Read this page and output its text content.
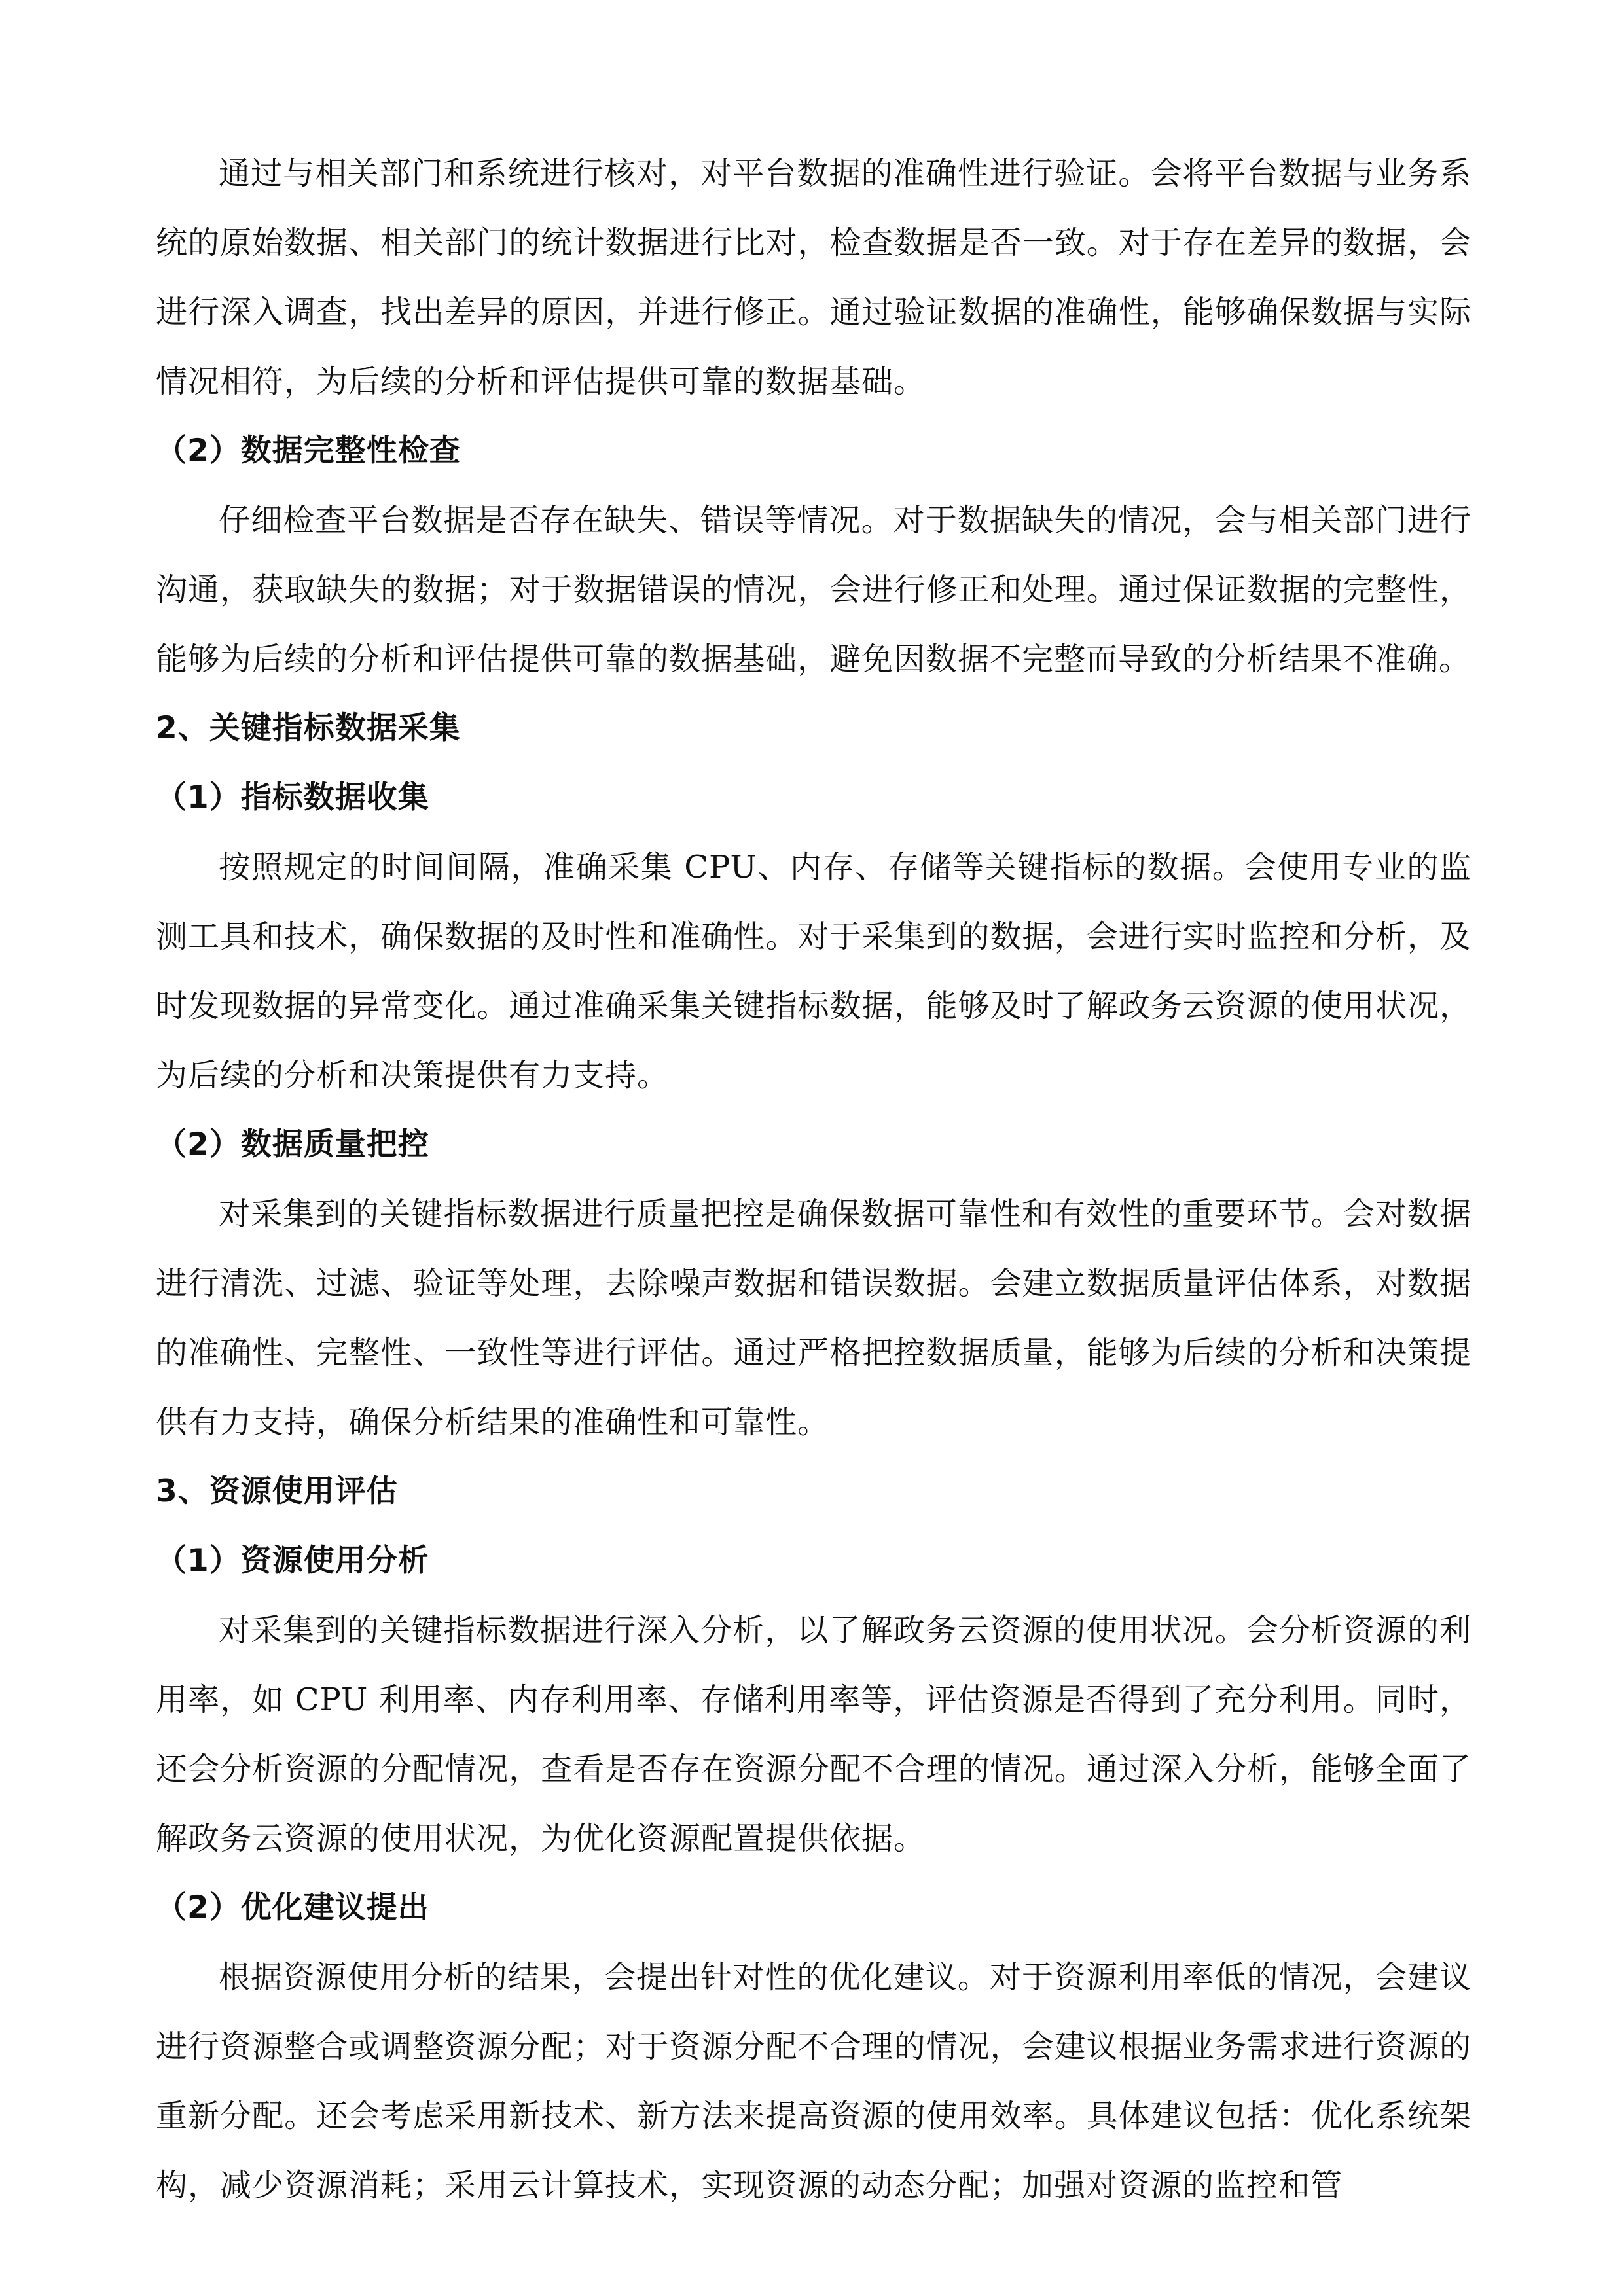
通过与相关部门和系统进行核对，对平台数据的准确性进行验证。会将平台数据与业务系统的原始数据、相关部门的统计数据进行比对，检查数据是否一致。对于存在差异的数据，会进行深入调查，找出差异的原因，并进行修正。通过验证数据的准确性，能够确保数据与实际情况相符，为后续的分析和评估提供可靠的数据基础。

（2）数据完整性检查

仔细检查平台数据是否存在缺失、错误等情况。对于数据缺失的情况，会与相关部门进行沟通，获取缺失的数据；对于数据错误的情况，会进行修正和处理。通过保证数据的完整性，能够为后续的分析和评估提供可靠的数据基础，避免因数据不完整而导致的分析结果不准确。

2、关键指标数据采集

（1）指标数据收集

按照规定的时间间隔，准确采集 CPU、内存、存储等关键指标的数据。会使用专业的监测工具和技术，确保数据的及时性和准确性。对于采集到的数据，会进行实时监控和分析，及时发现数据的异常变化。通过准确采集关键指标数据，能够及时了解政务云资源的使用状况，为后续的分析和决策提供有力支持。

（2）数据质量把控

对采集到的关键指标数据进行质量把控是确保数据可靠性和有效性的重要环节。会对数据进行清洗、过滤、验证等处理，去除噪声数据和错误数据。会建立数据质量评估体系，对数据的准确性、完整性、一致性等进行评估。通过严格把控数据质量，能够为后续的分析和决策提供有力支持，确保分析结果的准确性和可靠性。

3、资源使用评估

（1）资源使用分析

对采集到的关键指标数据进行深入分析，以了解政务云资源的使用状况。会分析资源的利用率，如 CPU 利用率、内存利用率、存储利用率等，评估资源是否得到了充分利用。同时，还会分析资源的分配情况，查看是否存在资源分配不合理的情况。通过深入分析，能够全面了解政务云资源的使用状况，为优化资源配置提供依据。

（2）优化建议提出

根据资源使用分析的结果，会提出针对性的优化建议。对于资源利用率低的情况，会建议进行资源整合或调整资源分配；对于资源分配不合理的情况，会建议根据业务需求进行资源的重新分配。还会考虑采用新技术、新方法来提高资源的使用效率。具体建议包括：优化系统架构，减少资源消耗；采用云计算技术，实现资源的动态分配；加强对资源的监控和管
